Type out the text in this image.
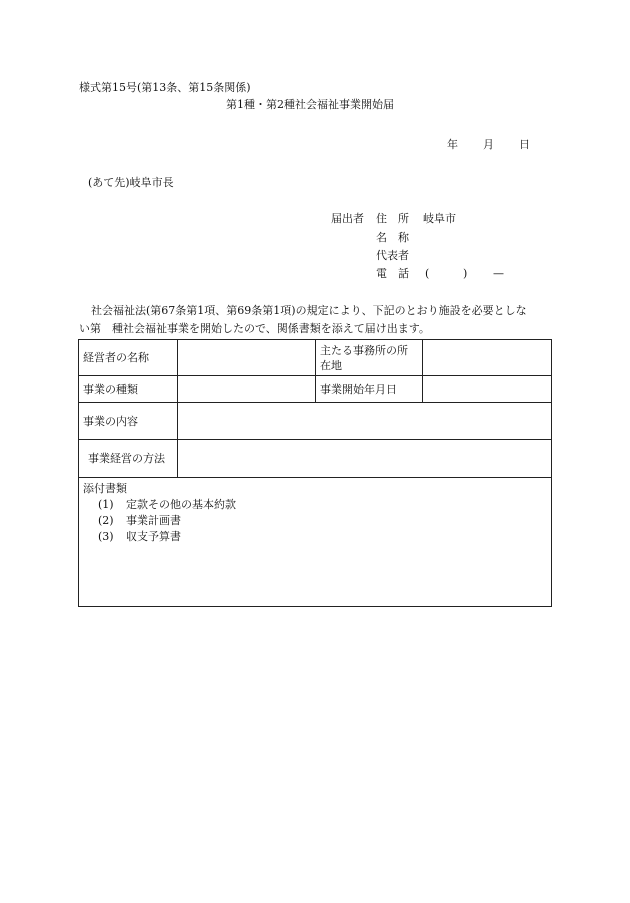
様式第15号(第13条、第15条関係)
第1種・第2種社会福祉事業開始届
年 月 日
(あて先)岐阜市長
届出者 住　所 岐阜市
名　称
代表者
電　話 (	) —
社会福祉法(第67条第1項、第69条第1項)の規定により、下記のとおり施設を必要としな
い第　種社会福祉事業を開始したので、関係書類を添えて届け出ます。
経営者の名称		主たる事務所の所在地	
事業の種類		事業開始年月日	
事業の内容			
事業経営の方法			

添付書類
(1) 定款その他の基本約款
(2) 事業計画書
(3) 収支予算書			
